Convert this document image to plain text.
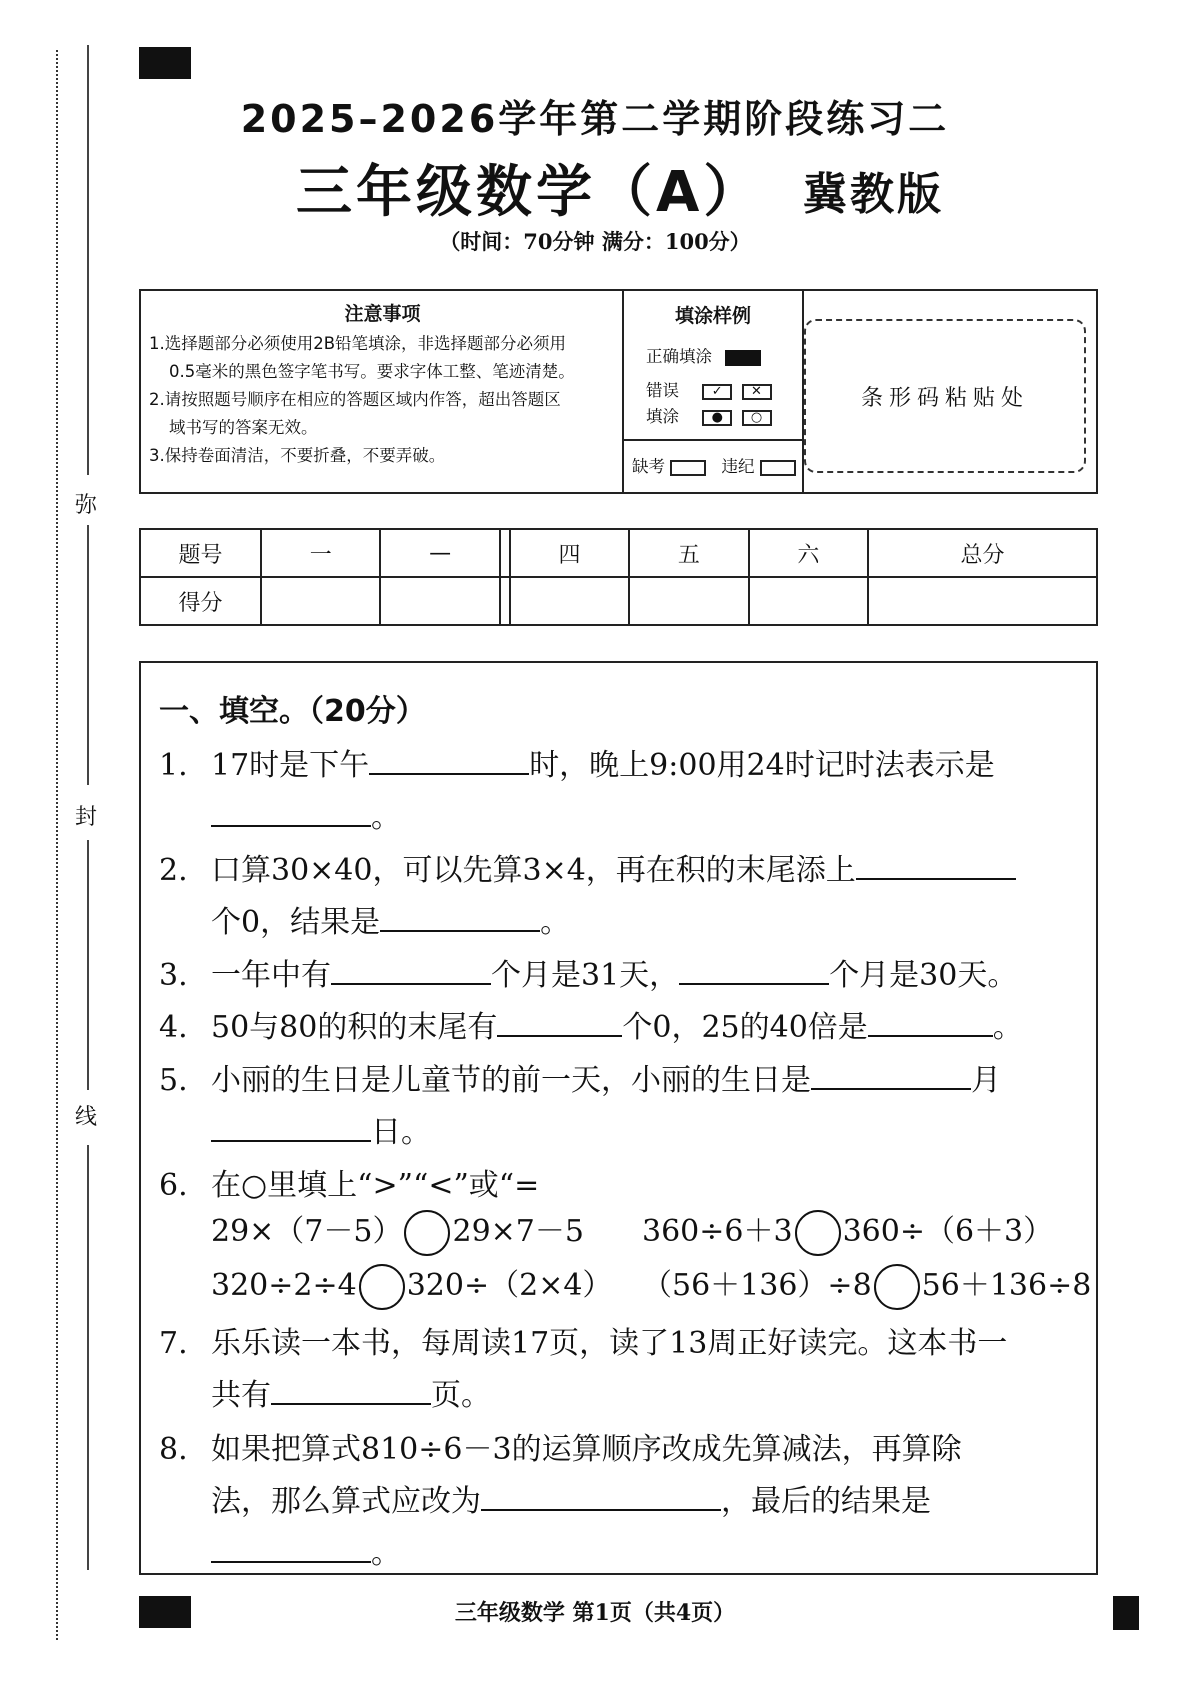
弥
封
线
2025–2026学年第二学期阶段练习二
三年级数学（A） 冀教版
（时间：70分钟 满分：100分）
注意事项
1.选择题部分必须使用2B铅笔填涂，非选择题部分必须用
0.5毫米的黑色签字笔书写。要求字体工整、笔迹清楚。
2.请按照题号顺序在相应的答题区域内作答，超出答题区
域书写的答案无效。
3.保持卷面清洁，不要折叠，不要弄破。
填涂样例
正确填涂
错误	✓ ✕
填涂	● ○
缺考	违纪
条形码粘贴处
题号	一	—		四	五	六	总分
得分							
一、填空。（20分）
1. 17时是下午	时，晚上9:00用24时记时法表示是
。
2. 口算30×40，可以先算3×4，再在积的末尾添上
个0，结果是	。
3. 一年中有	个月是31天，	个月是30天。
4. 50与80的积的末尾有	个0，25的40倍是	。
5. 小丽的生日是儿童节的前一天，小丽的生日是	月
日。
6. 在○里填上“>”“<”或“=
29×（7－5） 29×7－5 360÷6＋3 360÷（6＋3）
320÷2÷4 320÷（2×4） （56＋136）÷8 56＋136÷8
7. 乐乐读一本书，每周读17页，读了13周正好读完。这本书一
共有	页。
8. 如果把算式810÷6－3的运算顺序改成先算减法，再算除
法，那么算式应改为	，最后的结果是
。
三年级数学 第1页（共4页）
